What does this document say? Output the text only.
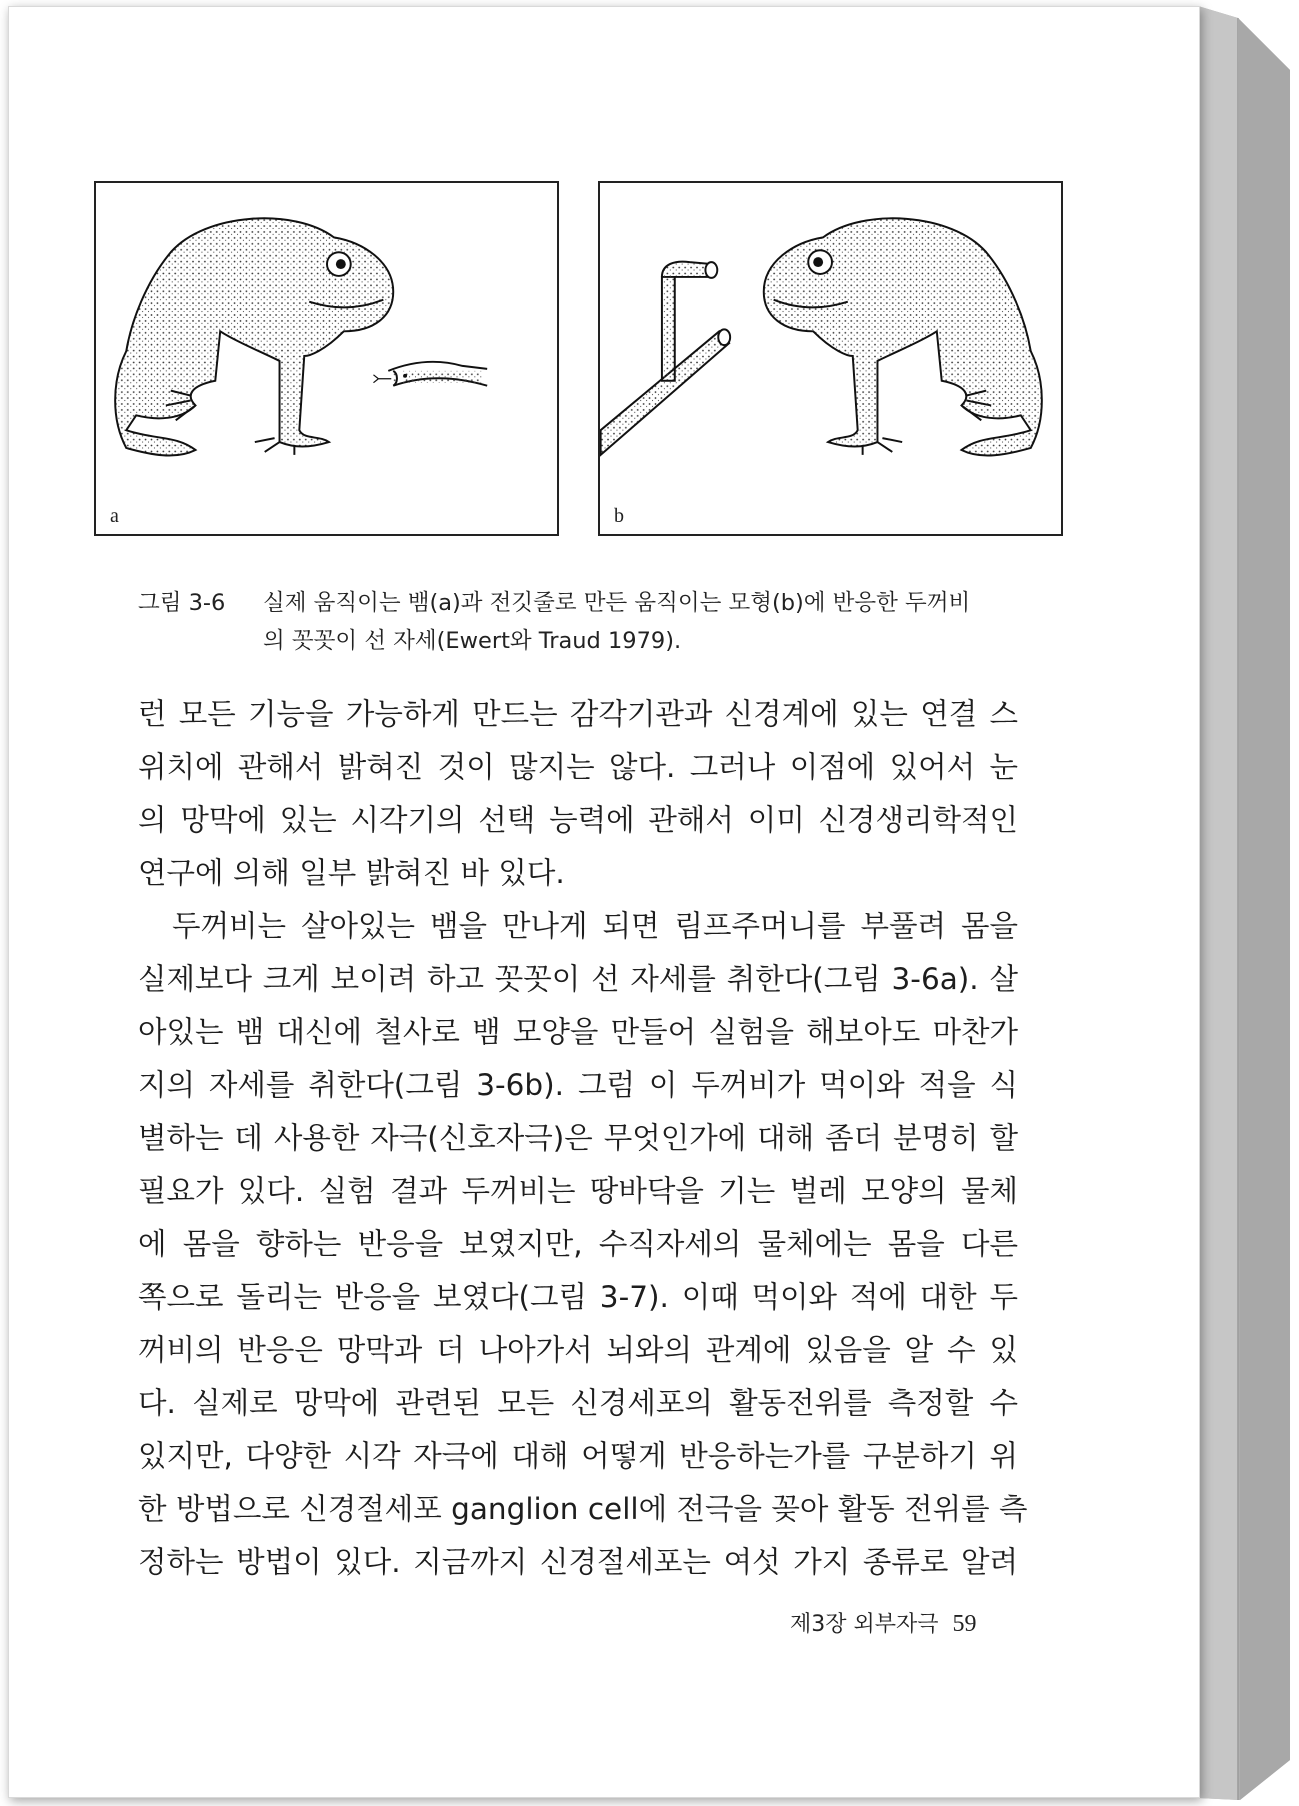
a	b
그림 3-6 실제 움직이는 뱀(a)과 전깃줄로 만든 움직이는 모형(b)에 반응한 두꺼비
의 꼿꼿이 선 자세(Ewert와 Traud 1979).
런 모든 기능을 가능하게 만드는 감각기관과 신경계에 있는 연결 스
위치에 관해서 밝혀진 것이 많지는 않다. 그러나 이점에 있어서 눈
의 망막에 있는 시각기의 선택 능력에 관해서 이미 신경생리학적인
연구에 의해 일부 밝혀진 바 있다.
두꺼비는 살아있는 뱀을 만나게 되면 림프주머니를 부풀려 몸을
실제보다 크게 보이려 하고 꼿꼿이 선 자세를 취한다(그림 3-6a). 살
아있는 뱀 대신에 철사로 뱀 모양을 만들어 실험을 해보아도 마찬가
지의 자세를 취한다(그림 3-6b). 그럼 이 두꺼비가 먹이와 적을 식
별하는 데 사용한 자극(신호자극)은 무엇인가에 대해 좀더 분명히 할
필요가 있다. 실험 결과 두꺼비는 땅바닥을 기는 벌레 모양의 물체
에 몸을 향하는 반응을 보였지만, 수직자세의 물체에는 몸을 다른
쪽으로 돌리는 반응을 보였다(그림 3-7). 이때 먹이와 적에 대한 두
꺼비의 반응은 망막과 더 나아가서 뇌와의 관계에 있음을 알 수 있
다. 실제로 망막에 관련된 모든 신경세포의 활동전위를 측정할 수
있지만, 다양한 시각 자극에 대해 어떻게 반응하는가를 구분하기 위
한 방법으로 신경절세포 ganglion cell에 전극을 꽂아 활동 전위를 측
정하는 방법이 있다. 지금까지 신경절세포는 여섯 가지 종류로 알려
제3장 외부자극 59
